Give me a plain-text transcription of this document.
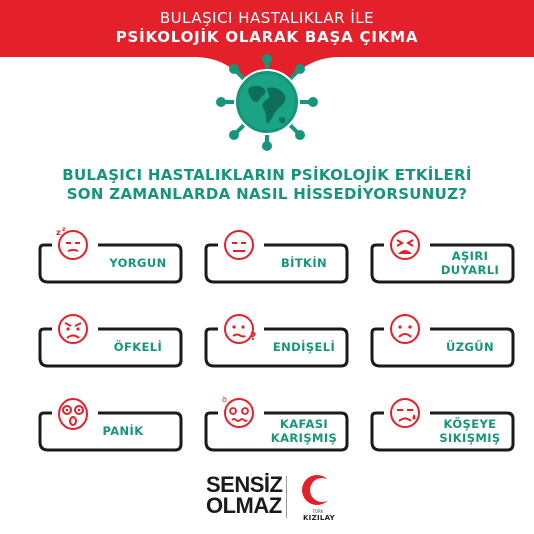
BULAŞICI HASTALIKLAR İLE
PSİKOLOJİK OLARAK BAŞA ÇIKMA
BULAŞICI HASTALIKLARIN PSİKOLOJİK ETKİLERİ
SON ZAMANLARDA NASIL HİSSEDİYORSUNUZ?
z z
YORGUN	BİTKİN	AŞIRI
DUYARLI
ÖFKELİ
?
ENDİŞELİ	ÜZGÜN
PANİK
ꝺ
KAFASI
KARIŞMIŞ
KÖŞEYE
SIKIŞMIŞ
SENSİZ
OLMAZ	TÜRK
KIZILAY
